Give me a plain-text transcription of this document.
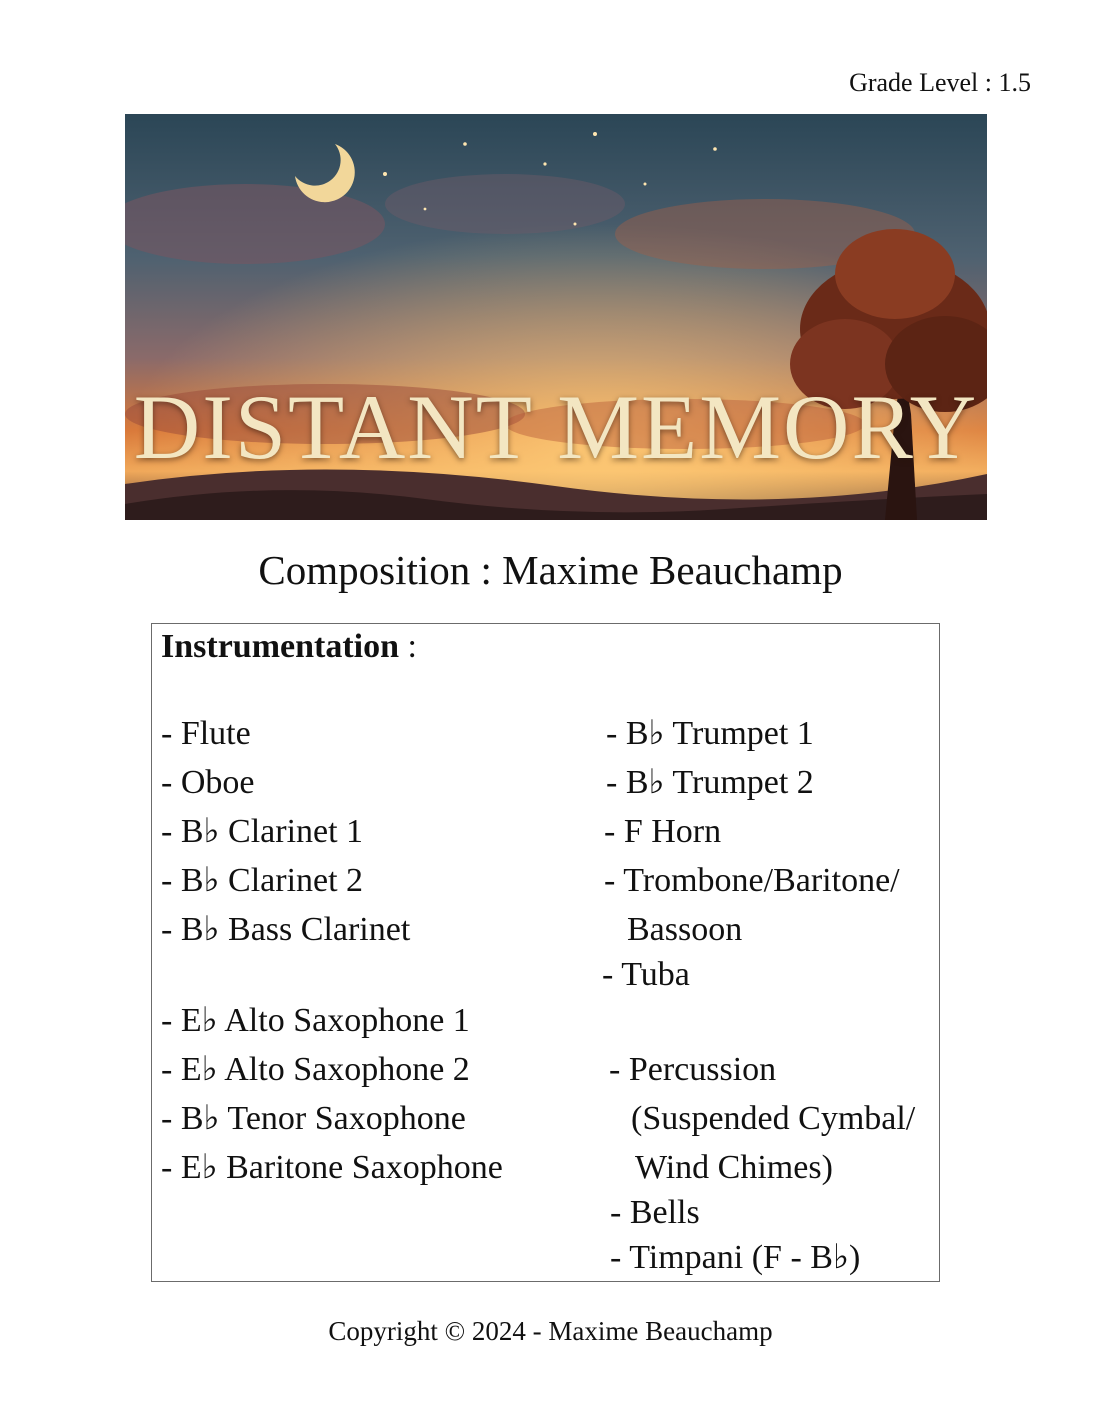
Grade Level : 1.5
DISTANT MEMORY
Composition : Maxime Beauchamp
Instrumentation :
- Flute
- Oboe
- B♭ Clarinet 1
- B♭ Clarinet 2
- B♭ Bass Clarinet
- E♭ Alto Saxophone 1
- E♭ Alto Saxophone 2
- B♭ Tenor Saxophone
- E♭ Baritone Saxophone
- B♭ Trumpet 1
- B♭ Trumpet 2
- F Horn
- Trombone/Baritone/
Bassoon
- Tuba
- Percussion
(Suspended Cymbal/
Wind Chimes)
- Bells
- Timpani (F - B♭)
Copyright © 2024 - Maxime Beauchamp
